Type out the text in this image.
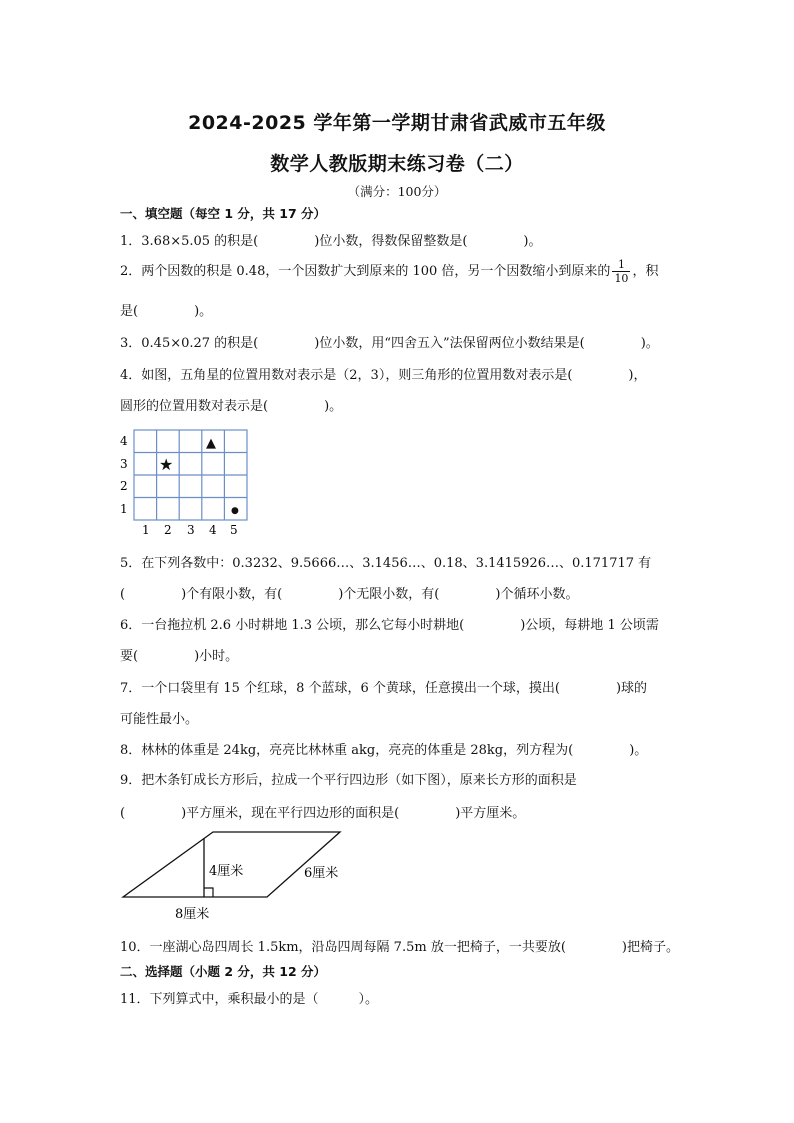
2024-2025 学年第一学期甘肃省武威市五年级
数学人教版期末练习卷（二）
（满分：100分）
一、填空题（每空 1 分，共 17 分）
1．3.68×5.05 的积是(	)位小数，得数保留整数是(	)。
2．两个因数的积是 0.48，一个因数扩大到原来的 100 倍，另一个因数缩小到原来的 $\frac{1}{10}$ ，积
是(	)。
3．0.45×0.27 的积是(	)位小数，用“四舍五入”法保留两位小数结果是(	)。
4．如图，五角星的位置用数对表示是（2，3），则三角形的位置用数对表示是(	)，
圆形的位置用数对表示是(	)。
4
3
2
1
1 2 3 4 5
★
▲
●
5．在下列各数中：0.3232、9.5666…、3.1456…、0.18、3.1415926…、0.171717 有
(	)个有限小数，有(	)个无限小数，有(	)个循环小数。
6．一台拖拉机 2.6 小时耕地 1.3 公顷，那么它每小时耕地(	)公顷，每耕地 1 公顷需
要(	)小时。
7．一个口袋里有 15 个红球，8 个蓝球，6 个黄球，任意摸出一个球，摸出(	)球的
可能性最小。
8．林林的体重是 24kg，亮亮比林林重 akg，亮亮的体重是 28kg，列方程为(	)。
9．把木条钉成长方形后，拉成一个平行四边形（如下图），原来长方形的面积是
(	)平方厘米，现在平行四边形的面积是(	)平方厘米。
4厘米	6厘米
8厘米
10．一座湖心岛四周长 1.5km，沿岛四周每隔 7.5m 放一把椅子，一共要放(	)把椅子。
二、选择题（小题 2 分，共 12 分）
11．下列算式中，乘积最小的是（	）。
